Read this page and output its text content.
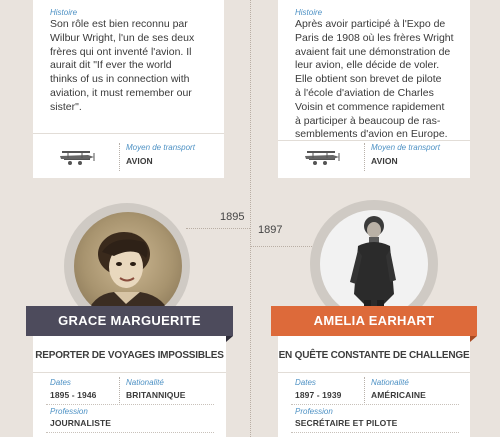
Histoire
Son rôle est bien reconnu par
Wilbur Wright, l'un de ses deux
frères qui ont inventé l'avion. Il
aurait dit "If ever the world
thinks of us in connection with
aviation, it must remember our
sister".
Moyen de transport
AVION
Histoire
Après avoir participé à l'Expo de
Paris de 1908 où les frères Wright
avaient fait une démonstration de
leur avion, elle décide de voler.
Elle obtient son brevet de pilote
à l'école d'aviation de Charles
Voisin et commence rapidement
à participer à beaucoup de ras-
semblements d'avion en Europe.
Moyen de transport
AVION
1895
1897
REPORTER DE VOYAGES IMPOSSIBLES
Dates
1895 - 1946
Nationalité
BRITANNIQUE
Profession
JOURNALISTE
GRACE MARGUERITE
EN QUÊTE CONSTANTE DE CHALLENGE
Dates
1897 - 1939
Nationalité
AMÉRICAINE
Profession
SECRÉTAIRE ET PILOTE
AMELIA EARHART
